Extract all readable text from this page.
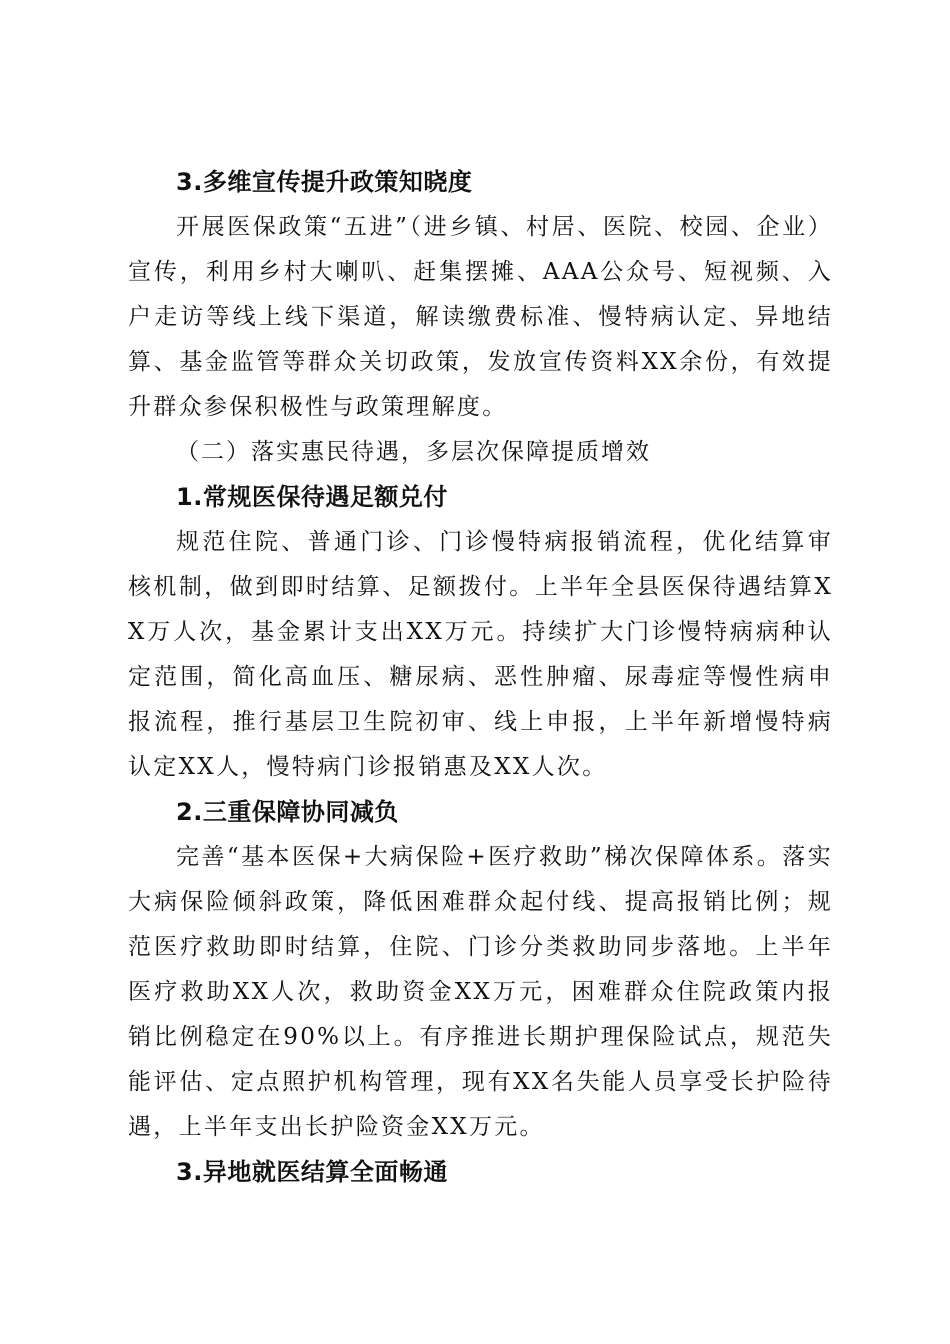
3.多维宣传提升政策知晓度

开展医保政策“五进”（进乡镇、村居、医院、校园、企业）宣传，利用乡村大喇叭、赶集摆摊、AAA公众号、短视频、入户走访等线上线下渠道，解读缴费标准、慢特病认定、异地结算、基金监管等群众关切政策，发放宣传资料XX余份，有效提升群众参保积极性与政策理解度。

（二）落实惠民待遇，多层次保障提质增效

1.常规医保待遇足额兑付

规范住院、普通门诊、门诊慢特病报销流程，优化结算审核机制，做到即时结算、足额拨付。上半年全县医保待遇结算XX万人次，基金累计支出XX万元。持续扩大门诊慢特病病种认定范围，简化高血压、糖尿病、恶性肿瘤、尿毒症等慢性病申报流程，推行基层卫生院初审、线上申报，上半年新增慢特病认定XX人，慢特病门诊报销惠及XX人次。

2.三重保障协同减负

完善“基本医保+大病保险+医疗救助”梯次保障体系。落实大病保险倾斜政策，降低困难群众起付线、提高报销比例；规范医疗救助即时结算，住院、门诊分类救助同步落地。上半年医疗救助XX人次，救助资金XX万元，困难群众住院政策内报销比例稳定在90%以上。有序推进长期护理保险试点，规范失能评估、定点照护机构管理，现有XX名失能人员享受长护险待遇，上半年支出长护险资金XX万元。

3.异地就医结算全面畅通
